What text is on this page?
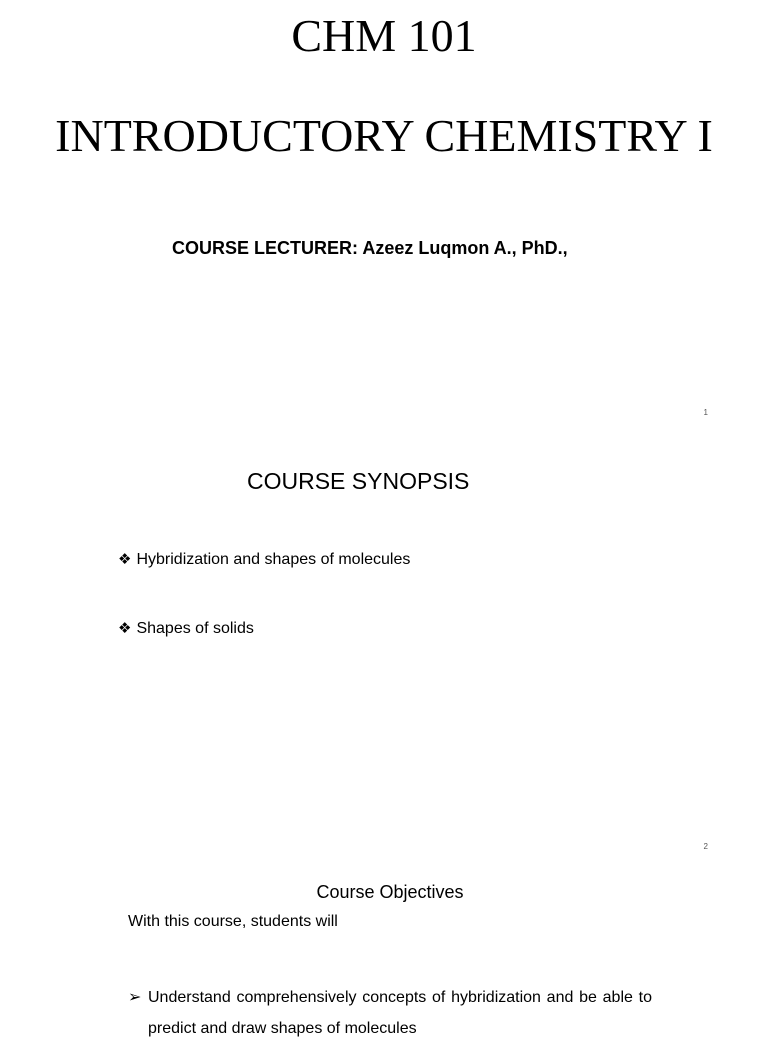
CHM 101
INTRODUCTORY CHEMISTRY I
COURSE LECTURER: Azeez Luqmon A., PhD.,
1
COURSE SYNOPSIS
❖ Hybridization and shapes of molecules
❖ Shapes of solids
2
Course Objectives
With this course, students will
➢ Understand comprehensively concepts of hybridization and be able to predict and draw shapes of molecules
